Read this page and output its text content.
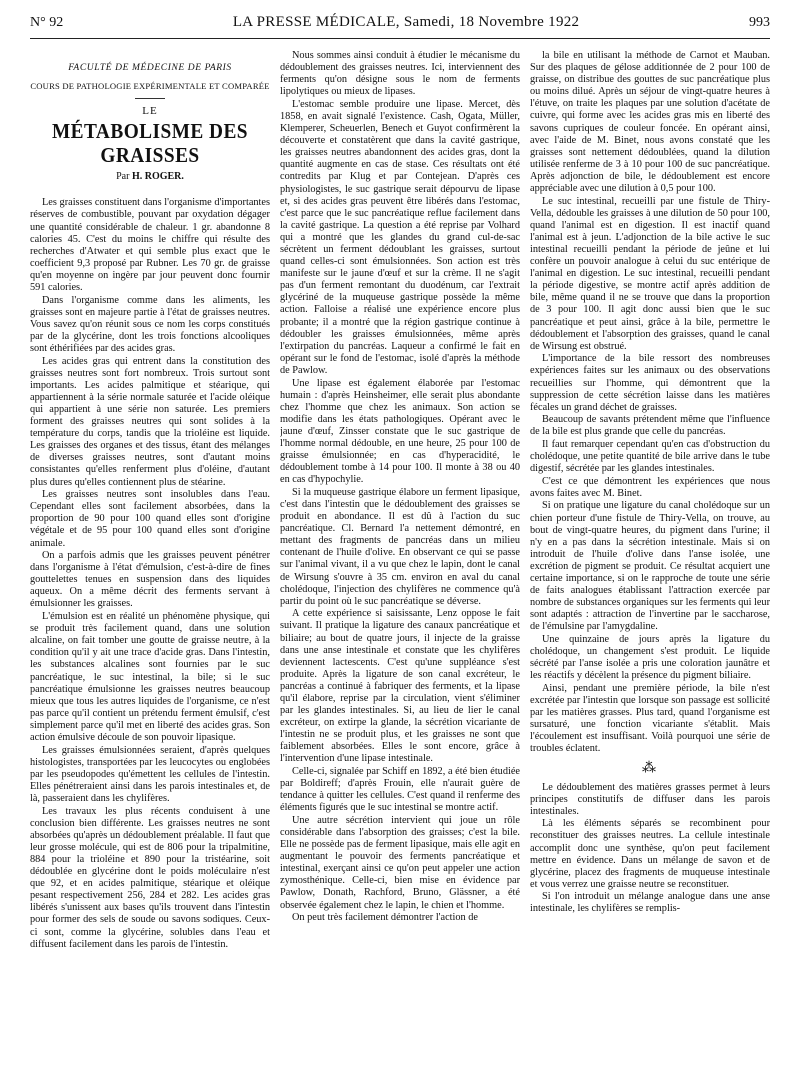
N° 92	LA PRESSE MÉDICALE, Samedi, 18 Novembre 1922	993
FACULTÉ DE MÉDECINE DE PARIS
COURS DE PATHOLOGIE EXPÉRIMENTALE ET COMPARÉE
LE
MÉTABOLISME DES GRAISSES
Par H. ROGER.

Les graisses constituent dans l'organisme d'importantes réserves de combustible, pouvant par oxydation dégager une quantité considérable de chaleur. 1 gr. abandonne 8 calories 45. C'est du moins le chiffre qui résulte des recherches d'Atwater et qui semble plus exact que le coefficient 9,3 proposé par Rubner. Les 70 gr. de graisse qu'en moyenne on ingère par jour peuvent donc fournir 591 calories.

Dans l'organisme comme dans les aliments, les graisses sont en majeure partie à l'état de graisses neutres. Vous savez qu'on réunit sous ce nom les corps constitués par de la glycérine, dont les trois fonctions alcooliques sont éthérifiées par des acides gras.

Les acides gras qui entrent dans la constitution des graisses neutres sont fort nombreux. Trois surtout sont importants. Les acides palmitique et stéarique, qui appartiennent à la série normale saturée et l'acide oléique qui appartient à une série non saturée. Les premiers forment des graisses neutres qui sont solides à la température du corps, tandis que la trioléine est liquide. Les graisses des organes et des tissus, étant des mélanges de diverses graisses neutres, sont d'autant moins consistantes qu'elles renferment plus d'oléine, d'autant plus dures qu'elles contiennent plus de stéarine.

Les graisses neutres sont insolubles dans l'eau. Cependant elles sont facilement absorbées, dans la proportion de 90 pour 100 quand elles sont d'origine végétale et de 95 pour 100 quand elles sont d'origine animale.

On a parfois admis que les graisses peuvent pénétrer dans l'organisme à l'état d'émulsion, c'est-à-dire de fines gouttelettes tenues en suspension dans des liquides aqueux. On a même décrit des ferments servant à émulsionner les graisses.

L'émulsion est en réalité un phénomène physique, qui se produit très facilement quand, dans une solution alcaline, on fait tomber une goutte de graisse neutre, à la condition qu'il y ait une trace d'acide gras. Dans l'intestin, les substances alcalines sont fournies par le suc pancréatique, le suc intestinal, la bile; si le suc pancréatique émulsionne les graisses neutres beaucoup mieux que tous les autres liquides de l'organisme, ce n'est pas parce qu'il contient un prétendu ferment émulsif, c'est simplement parce qu'il met en liberté des acides gras. Son action émulsive découle de son pouvoir lipasique.

Les graisses émulsionnées seraient, d'après quelques histologistes, transportées par les leucocytes ou englobées par les pseudopodes qu'émettent les cellules de l'intestin. Elles pénétreraient ainsi dans les parois intestinales et, de là, passeraient dans les chylifères.

Les travaux les plus récents conduisent à une conclusion bien différente. Les graisses neutres ne sont absorbées qu'après un dédoublement préalable. Il faut que leur grosse molécule, qui est de 806 pour la tripalmitine, 884 pour la trioléine et 890 pour la tristéarine, soit dédoublée en glycérine dont le poids moléculaire n'est que 92, et en acides palmitique, stéarique et oléique pesant respectivement 256, 284 et 282. Les acides gras libérés s'unissent aux bases qu'ils trouvent dans l'intestin pour former des sels de soude ou savons sodiques. Ceux-ci sont, comme la glycérine, solubles dans l'eau et diffusent facilement dans les parois de l'intestin.

Nous sommes ainsi conduit à étudier le mécanisme du dédoublement des graisses neutres. Ici, interviennent des ferments qu'on désigne sous le nom de ferments lipolytiques ou mieux de lipases.

L'estomac semble produire une lipase. Mercet, dès 1858, en avait signalé l'existence. Cash, Ogata, Müller, Klemperer, Scheuerlen, Benech et Guyot confirmèrent la découverte et constatèrent que dans la cavité gastrique, les graisses neutres abandonnent des acides gras, dont la quantité augmente en cas de stase. Ces résultats ont été contredits par Klug et par Contejean. D'après ces physiologistes, le suc gastrique serait dépourvu de lipase et, si des acides gras peuvent être libérés dans l'estomac, c'est parce que le suc pancréatique reflue facilement dans la cavité gastrique. La question a été reprise par Volhard qui a montré que les glandes du grand cul-de-sac sécrètent un ferment dédoublant les graisses, surtout quand celles-ci sont émulsionnées. Son action est très manifeste sur le jaune d'œuf et sur la crème. Il ne s'agit pas d'un ferment remontant du duodénum, car l'extrait glycériné de la muqueuse gastrique possède la même action. Falloise a réalisé une expérience encore plus probante; il a montré que la région gastrique continue à dédoubler les graisses émulsionnées, même après l'extirpation du pancréas. Laqueur a confirmé le fait en opérant sur le fond de l'estomac, isolé d'après la méthode de Pawlow.

Une lipase est également élaborée par l'estomac humain : d'après Heinsheimer, elle serait plus abondante chez l'homme que chez les animaux. Son action se modifie dans les états pathologiques. Opérant avec le jaune d'œuf, Zinsser constate que le suc gastrique de l'homme normal dédouble, en une heure, 25 pour 100 de graisse émulsionnée; en cas d'hyperacidité, le dédoublement tombe à 14 pour 100. Il monte à 38 ou 40 en cas d'hypochylie.

Si la muqueuse gastrique élabore un ferment lipasique, c'est dans l'intestin que le dédoublement des graisses se produit en abondance. Il est dû à l'action du suc pancréatique. Cl. Bernard l'a nettement démontré, en mettant des fragments de pancréas dans un milieu contenant de l'huile d'olive. En observant ce qui se passe sur l'animal vivant, il a vu que chez le lapin, dont le canal de Wirsung s'ouvre à 35 cm. environ en aval du canal cholédoque, l'injection des chylifères ne commence qu'à partir du point où le suc pancréatique se déverse.

A cette expérience si saisissante, Lenz oppose le fait suivant. Il pratique la ligature des canaux pancréatique et biliaire; au bout de quatre jours, il injecte de la graisse dans une anse intestinale et constate que les chylifères deviennent lactescents. C'est qu'une suppléance s'est produite. Après la ligature de son canal excréteur, le pancréas a continué à fabriquer des ferments, et la lipase qu'il élabore, reprise par la circulation, vient s'éliminer par les glandes intestinales. Si, au lieu de lier le canal excréteur, on extirpe la glande, la sécrétion vicariante de l'intestin ne se produit plus, et les graisses ne sont que faiblement absorbées. Elles le sont encore, grâce à l'intervention d'une lipase intestinale.

Celle-ci, signalée par Schiff en 1892, a été bien étudiée par Boldireff; d'après Frouin, elle n'aurait guère de tendance à quitter les cellules. C'est quand il renferme des éléments figurés que le suc intestinal se montre actif.

Une autre sécrétion intervient qui joue un rôle considérable dans l'absorption des graisses; c'est la bile. Elle ne possède pas de ferment lipasique, mais elle agit en augmentant le pouvoir des ferments pancréatique et intestinal, exerçant ainsi ce qu'on peut appeler une action zymosthénique. Celle-ci, bien mise en évidence par Pawlow, Donath, Rachford, Bruno, Glässner, a été observée également chez le lapin, le chien et l'homme.

On peut très facilement démontrer l'action de

la bile en utilisant la méthode de Carnot et Mauban. Sur des plaques de gélose additionnée de 2 pour 100 de graisse, on distribue des gouttes de suc pancréatique plus ou moins dilué. Après un séjour de vingt-quatre heures à l'étuve, on traite les plaques par une solution d'acétate de cuivre, qui forme avec les acides gras mis en liberté des savons cupriques de couleur foncée. En opérant ainsi, avec l'aide de M. Binet, nous avons constaté que les graisses sont nettement dédoublées, quand la dilution utilisée renferme de 3 à 10 pour 100 de suc pancréatique. Après adjonction de bile, le dédoublement est encore appréciable avec une dilution à 0,5 pour 100.

Le suc intestinal, recueilli par une fistule de Thiry-Vella, dédouble les graisses à une dilution de 50 pour 100, quand l'animal est en digestion. Il est inactif quand l'animal est à jeun. L'adjonction de la bile active le suc intestinal recueilli pendant la période de jeûne et lui confère un pouvoir analogue à celui du suc entérique de l'animal en digestion. Le suc intestinal, recueilli pendant la période digestive, se montre actif après addition de bile, même quand il ne se trouve que dans la proportion de 3 pour 100. Il agit donc aussi bien que le suc pancréatique et peut ainsi, grâce à la bile, permettre le dédoublement et l'absorption des graisses, quand le canal de Wirsung est obstrué.

L'importance de la bile ressort des nombreuses expériences faites sur les animaux ou des observations recueillies sur l'homme, qui démontrent que la suppression de cette sécrétion laisse dans les matières fécales un grand déchet de graisses.

Beaucoup de savants prétendent même que l'influence de la bile est plus grande que celle du pancréas.

Il faut remarquer cependant qu'en cas d'obstruction du cholédoque, une petite quantité de bile arrive dans le tube digestif, sécrétée par les glandes intestinales.

C'est ce que démontrent les expériences que nous avons faites avec M. Binet.

Si on pratique une ligature du canal cholédoque sur un chien porteur d'une fistule de Thiry-Vella, on trouve, au bout de vingt-quatre heures, du pigment dans l'urine; il n'y en a pas dans la sécrétion intestinale. Mais si on introduit de l'huile d'olive dans l'anse isolée, une excrétion de pigment se produit. Ce résultat acquiert une certaine importance, si on le rapproche de toute une série de faits analogues établissant l'attraction exercée par nombre de substances organiques sur les ferments qui leur sont adaptés : attraction de l'invertine par le saccharose, de l'émulsine par l'amygdaline.

Une quinzaine de jours après la ligature du cholédoque, un changement s'est produit. Le liquide sécrété par l'anse isolée a pris une coloration jaunâtre et les réactifs y décèlent la présence du pigment biliaire.

Ainsi, pendant une première période, la bile n'est excrétée par l'intestin que lorsque son passage est sollicité par les matières grasses. Plus tard, quand l'organisme est sursaturé, une fonction vicariante s'établit. Mais l'écoulement est insuffisant. Voilà pourquoi une série de troubles éclatent.

⁂

Le dédoublement des matières grasses permet à leurs principes constitutifs de diffuser dans les parois intestinales.

Là les éléments séparés se recombinent pour reconstituer des graisses neutres. La cellule intestinale accomplit donc une synthèse, qu'on peut facilement mettre en évidence. Dans un mélange de savon et de glycérine, placez des fragments de muqueuse intestinale et vous verrez une graisse neutre se reconstituer.

Si l'on introduit un mélange analogue dans une anse intestinale, les chylifères se remplis-
